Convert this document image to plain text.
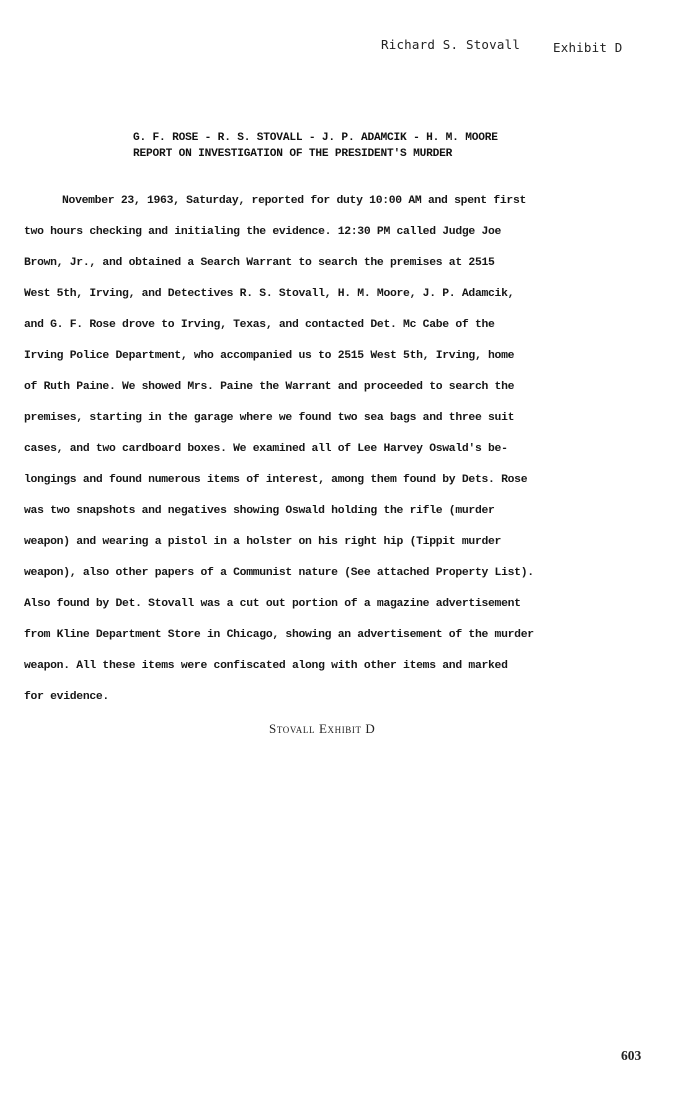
Richard S. Stovall	Exhibit D
G. F. ROSE - R. S. STOVALL - J. P. ADAMCIK - H. M. MOORE
REPORT ON INVESTIGATION OF THE PRESIDENT'S MURDER
November 23, 1963, Saturday, reported for duty 10:00 AM and spent first
two hours checking and initialing the evidence. 12:30 PM called Judge Joe
Brown, Jr., and obtained a Search Warrant to search the premises at 2515
West 5th, Irving, and Detectives R. S. Stovall, H. M. Moore, J. P. Adamcik,
and G. F. Rose drove to Irving, Texas, and contacted Det. Mc Cabe of the
Irving Police Department, who accompanied us to 2515 West 5th, Irving, home
of Ruth Paine. We showed Mrs. Paine the Warrant and proceeded to search the
premises, starting in the garage where we found two sea bags and three suit
cases, and two cardboard boxes. We examined all of Lee Harvey Oswald's be-
longings and found numerous items of interest, among them found by Dets. Rose
was two snapshots and negatives showing Oswald holding the rifle (murder
weapon) and wearing a pistol in a holster on his right hip (Tippit murder
weapon), also other papers of a Communist nature (See attached Property List).
Also found by Det. Stovall was a cut out portion of a magazine advertisement
from Kline Department Store in Chicago, showing an advertisement of the murder
weapon. All these items were confiscated along with other items and marked
for evidence.
Stovall Exhibit D
603
